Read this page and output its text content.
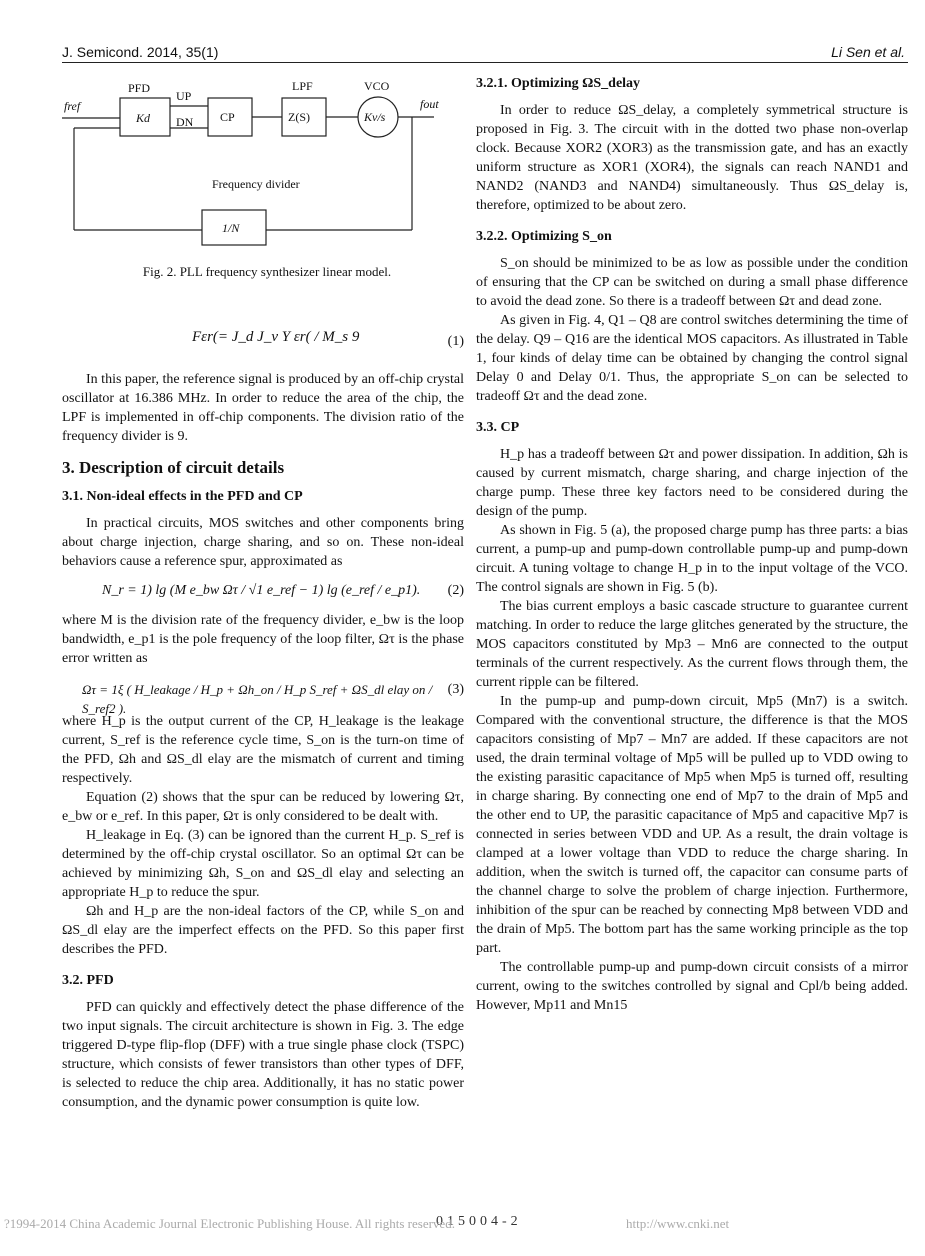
J. Semicond. 2014, 35(1)	Li Sen et al.
fref
PFD
Kd
UP
DN CP
LPF
Z(S)
VCO
Kv/s
fout
Frequency divider
1/N
Fig. 2. PLL frequency synthesizer linear model.
Fεr(= J_d J_v Y εr( / M_s 9	(1)

In this paper, the reference signal is produced by an off-chip crystal oscillator at 16.386 MHz. In order to reduce the area of the chip, the LPF is implemented in off-chip components. The division ratio of the frequency divider is 9.

3. Description of circuit details
3.1. Non-ideal effects in the PFD and CP

In practical circuits, MOS switches and other components bring about charge injection, charge sharing, and so on. These non-ideal behaviors cause a reference spur, approximated as

N_r = 1) lg (M e_bw Ωτ / √1 e_ref − 1) lg (e_ref / e_p1). (2)

where M is the division rate of the frequency divider, e_bw is the loop bandwidth, e_p1 is the pole frequency of the loop filter, Ωτ is the phase error written as

Ωτ = 1ξ ( H_leakage / H_p + Ωh_on / H_p S_ref + ΩS_dl elay on / S_ref2 ).
(3)

where H_p is the output current of the CP, H_leakage is the leakage current, S_ref is the reference cycle time, S_on is the turn-on time of the PFD, Ωh and ΩS_dl elay are the mismatch of current and timing respectively.

Equation (2) shows that the spur can be reduced by lowering Ωτ, e_bw or e_ref. In this paper, Ωτ is only considered to be dealt with.

H_leakage in Eq. (3) can be ignored than the current H_p. S_ref is determined by the off-chip crystal oscillator. So an optimal Ωτ can be achieved by minimizing Ωh, S_on and ΩS_dl elay and selecting an appropriate H_p to reduce the spur.

Ωh and H_p are the non-ideal factors of the CP, while S_on and ΩS_dl elay are the imperfect effects on the PFD. So this paper first describes the PFD.

3.2. PFD

PFD can quickly and effectively detect the phase difference of the two input signals. The circuit architecture is shown in Fig. 3. The edge triggered D-type flip-flop (DFF) with a true single phase clock (TSPC) structure, which consists of fewer transistors than other types of DFF, is selected to reduce the chip area. Additionally, it has no static power consumption, and the dynamic power consumption is quite low.

3.2.1. Optimizing ΩS_delay

In order to reduce ΩS_delay, a completely symmetrical structure is proposed in Fig. 3. The circuit with in the dotted two phase non-overlap clock. Because XOR2 (XOR3) as the transmission gate, and has an exactly uniform structure as XOR1 (XOR4), the signals can reach NAND1 and NAND2 (NAND3 and NAND4) simultaneously. Thus ΩS_delay is, therefore, optimized to be about zero.

3.2.2. Optimizing S_on

S_on should be minimized to be as low as possible under the condition of ensuring that the CP can be switched on during a small phase difference to avoid the dead zone. So there is a tradeoff between Ωτ and dead zone.

As given in Fig. 4, Q1 – Q8 are control switches determining the time of the delay. Q9 – Q16 are the identical MOS capacitors. As illustrated in Table 1, four kinds of delay time can be obtained by changing the control signal Delay 0 and Delay 0/1. Thus, the appropriate S_on can be selected to tradeoff Ωτ and the dead zone.

3.3. CP

H_p has a tradeoff between Ωτ and power dissipation. In addition, Ωh is caused by current mismatch, charge sharing, and charge injection of the charge pump. These three key factors need to be considered during the design of the pump.

As shown in Fig. 5 (a), the proposed charge pump has three parts: a bias current, a pump-up and pump-down controllable pump-up and pump-down circuit. A tuning voltage to change H_p in to the input voltage of the VCO. The control signals are shown in Fig. 5 (b).

The bias current employs a basic cascade structure to guarantee current matching. In order to reduce the large glitches generated by the structure, the MOS capacitors constituted by Mp3 – Mn6 are connected to the output terminals of the current respectively. As the current flows through them, the current ripple can be filtered.

In the pump-up and pump-down circuit, Mp5 (Mn7) is a switch. Compared with the conventional structure, the difference is that the MOS capacitors consisting of Mp7 – Mn7 are added. If these capacitors are not used, the drain terminal voltage of Mp5 will be pulled up to VDD owing to the existing parasitic capacitance of Mp5 when Mp5 is turned off, resulting in charge sharing. By connecting one end of Mp7 to the drain of Mp5 and the other end to UP, the parasitic capacitance of Mp5 and capacitive Mp7 is connected in series between VDD and UP. As a result, the drain voltage is clamped at a lower voltage than VDD to reduce the charge sharing. In addition, when the switch is turned off, the capacitor can consume parts of the channel charge to solve the problem of charge injection. Furthermore, inhibition of the spur can be reached by connecting Mp8 between VDD and the drain of Mp5. The bottom part has the same working principle as the top part.

The controllable pump-up and pump-down circuit consists of a mirror current, owing to the switches controlled by signal and Cpl/b being added. However, Mp11 and Mn15

015004-2
?1994-2014 China Academic Journal Electronic Publishing House. All rights reserved.	http://www.cnki.net
